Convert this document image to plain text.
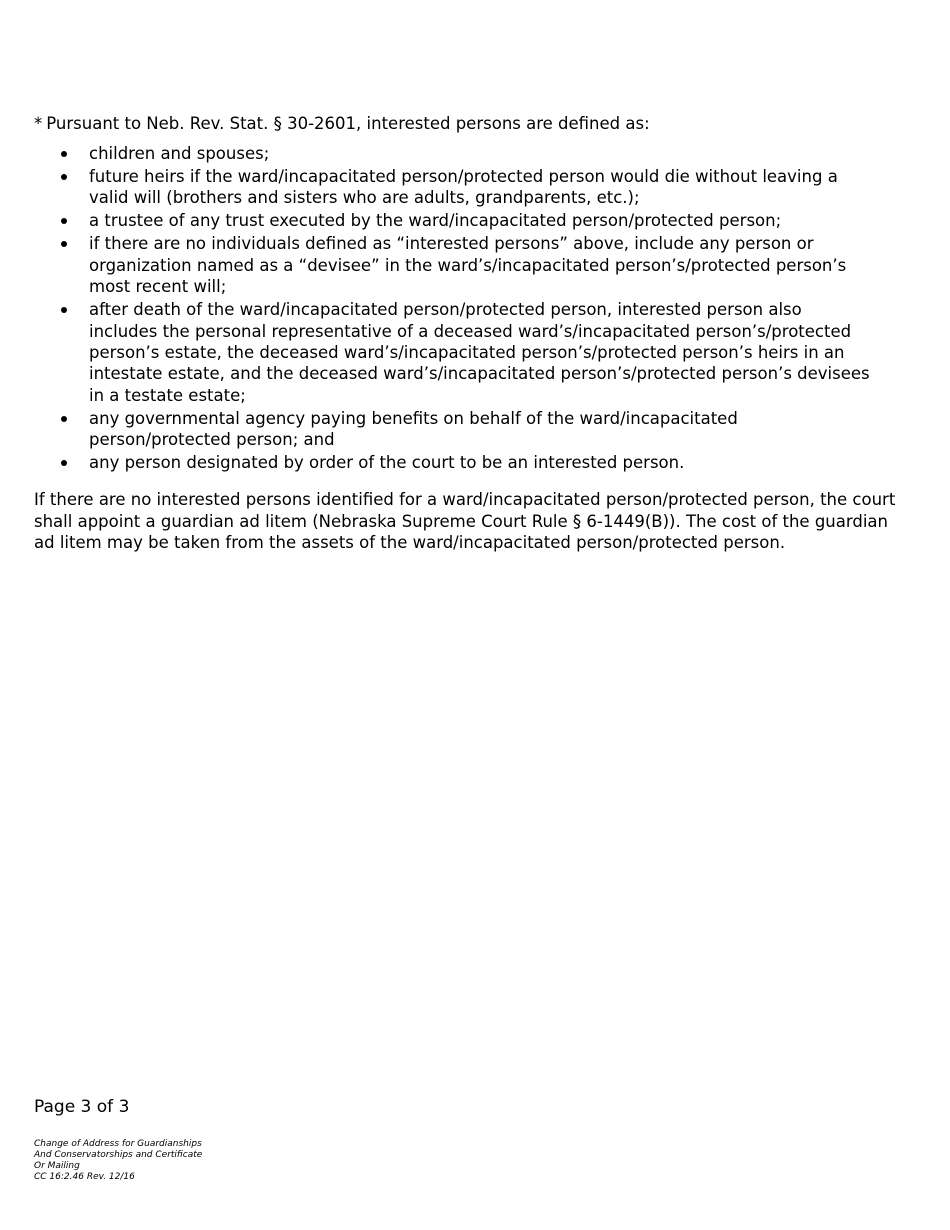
* Pursuant to Neb. Rev. Stat. § 30-2601, interested persons are defined as:

children and spouses;
future heirs if the ward/incapacitated person/protected person would die without leaving a
valid will (brothers and sisters who are adults, grandparents, etc.);
a trustee of any trust executed by the ward/incapacitated person/protected person;
if there are no individuals defined as “interested persons” above, include any person or
organization named as a “devisee” in the ward’s/incapacitated person’s/protected person’s
most recent will;
after death of the ward/incapacitated person/protected person, interested person also
includes the personal representative of a deceased ward’s/incapacitated person’s/protected
person’s estate, the deceased ward’s/incapacitated person’s/protected person’s heirs in an
intestate estate, and the deceased ward’s/incapacitated person’s/protected person’s devisees
in a testate estate;
any governmental agency paying benefits on behalf of the ward/incapacitated
person/protected person; and
any person designated by order of the court to be an interested person.

If there are no interested persons identified for a ward/incapacitated person/protected person, the court
shall appoint a guardian ad litem (Nebraska Supreme Court Rule § 6-1449(B)). The cost of the guardian
ad litem may be taken from the assets of the ward/incapacitated person/protected person.

Page 3 of 3

Change of Address for Guardianships
And Conservatorships and Certificate
Or Mailing
CC 16:2.46 Rev. 12/16
